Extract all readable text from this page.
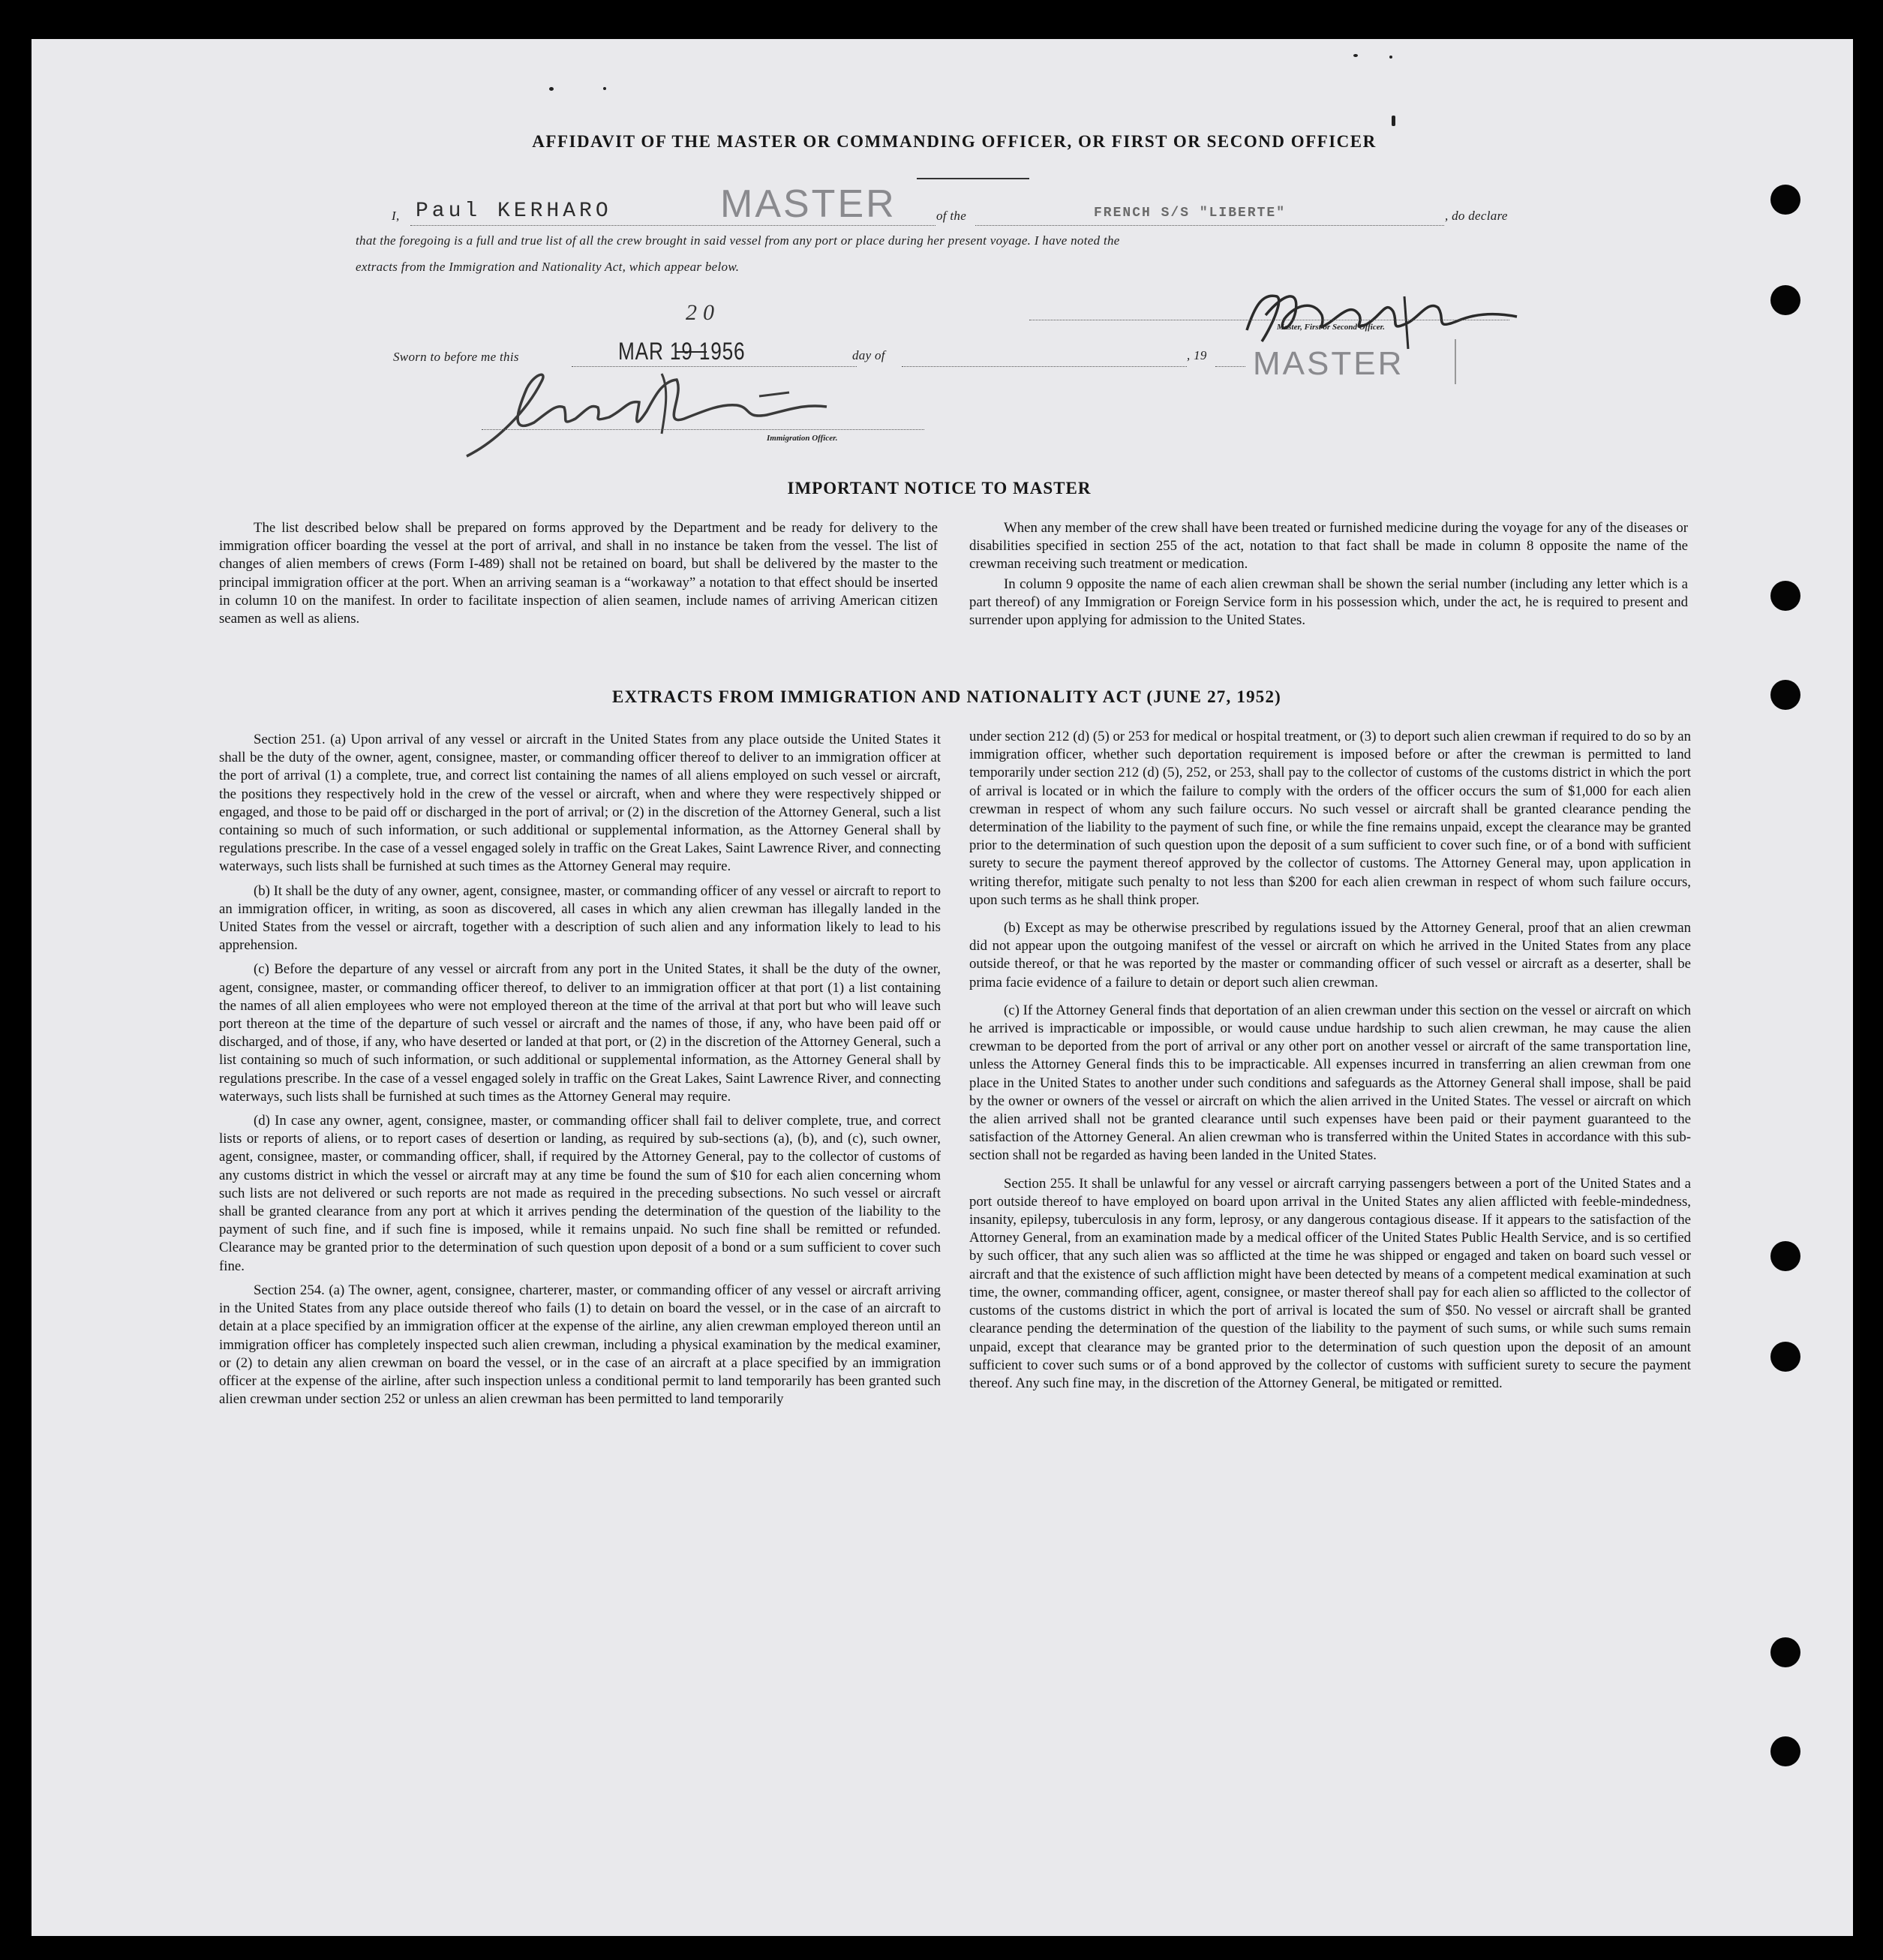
AFFIDAVIT OF THE MASTER OR COMMANDING OFFICER, OR FIRST OR SECOND OFFICER
I, Paul KERHARO	MASTER	of the	FRENCH S/S "LIBERTE"	, do declare
that the foregoing is a full and true list of all the crew brought in said vessel from any port or place during her present voyage. I have noted the
extracts from the Immigration and Nationality Act, which appear below.
Master, First or Second Officer.
MASTER
Sworn to before me this	MAR 19 1956
20
day of	, 19
Immigration Officer.
IMPORTANT NOTICE TO MASTER

The list described below shall be prepared on forms approved by the Department and be ready for delivery to the immigration officer boarding the vessel at the port of arrival, and shall in no instance be taken from the vessel. The list of changes of alien members of crews (Form I-489) shall not be retained on board, but shall be delivered by the master to the principal immigration officer at the port. When an arriving seaman is a “workaway” a notation to that effect should be inserted in column 10 on the manifest. In order to facilitate inspection of alien seamen, include names of arriving American citizen seamen as well as aliens.

When any member of the crew shall have been treated or furnished medicine during the voyage for any of the diseases or disabilities specified in section 255 of the act, notation to that fact shall be made in column 8 opposite the name of the crewman receiving such treatment or medication.

In column 9 opposite the name of each alien crewman shall be shown the serial number (including any letter which is a part thereof) of any Immigration or Foreign Service form in his possession which, under the act, he is required to present and surrender upon applying for admission to the United States.

EXTRACTS FROM IMMIGRATION AND NATIONALITY ACT (JUNE 27, 1952)

Section 251. (a) Upon arrival of any vessel or aircraft in the United States from any place outside the United States it shall be the duty of the owner, agent, consignee, master, or commanding officer thereof to deliver to an immigration officer at the port of arrival (1) a complete, true, and correct list containing the names of all aliens employed on such vessel or aircraft, the positions they respectively hold in the crew of the vessel or aircraft, when and where they were respectively shipped or engaged, and those to be paid off or discharged in the port of arrival; or (2) in the discretion of the Attorney General, such a list containing so much of such information, or such additional or supplemental information, as the Attorney General shall by regulations prescribe. In the case of a vessel engaged solely in traffic on the Great Lakes, Saint Lawrence River, and connecting waterways, such lists shall be furnished at such times as the Attorney General may require.

(b) It shall be the duty of any owner, agent, consignee, master, or commanding officer of any vessel or aircraft to report to an immigration officer, in writing, as soon as discovered, all cases in which any alien crewman has illegally landed in the United States from the vessel or aircraft, together with a description of such alien and any information likely to lead to his apprehension.

(c) Before the departure of any vessel or aircraft from any port in the United States, it shall be the duty of the owner, agent, consignee, master, or commanding officer thereof, to deliver to an immigration officer at that port (1) a list containing the names of all alien employees who were not employed thereon at the time of the arrival at that port but who will leave such port thereon at the time of the departure of such vessel or aircraft and the names of those, if any, who have been paid off or discharged, and of those, if any, who have deserted or landed at that port, or (2) in the discretion of the Attorney General, such a list containing so much of such information, or such additional or supplemental information, as the Attorney General shall by regulations prescribe. In the case of a vessel engaged solely in traffic on the Great Lakes, Saint Lawrence River, and connecting waterways, such lists shall be furnished at such times as the Attorney General may require.

(d) In case any owner, agent, consignee, master, or commanding officer shall fail to deliver complete, true, and correct lists or reports of aliens, or to report cases of desertion or landing, as required by sub-sections (a), (b), and (c), such owner, agent, consignee, master, or commanding officer, shall, if required by the Attorney General, pay to the collector of customs of any customs district in which the vessel or aircraft may at any time be found the sum of $10 for each alien concerning whom such lists are not delivered or such reports are not made as required in the preceding subsections. No such vessel or aircraft shall be granted clearance from any port at which it arrives pending the determination of the question of the liability to the payment of such fine, and if such fine is imposed, while it remains unpaid. No such fine shall be remitted or refunded. Clearance may be granted prior to the determination of such question upon deposit of a bond or a sum sufficient to cover such fine.

Section 254. (a) The owner, agent, consignee, charterer, master, or commanding officer of any vessel or aircraft arriving in the United States from any place outside thereof who fails (1) to detain on board the vessel, or in the case of an aircraft to detain at a place specified by an immigration officer at the expense of the airline, any alien crewman employed thereon until an immigration officer has completely inspected such alien crewman, including a physical examination by the medical examiner, or (2) to detain any alien crewman on board the vessel, or in the case of an aircraft at a place specified by an immigration officer at the expense of the airline, after such inspection unless a conditional permit to land temporarily has been granted such alien crewman under section 252 or unless an alien crewman has been permitted to land temporarily

under section 212 (d) (5) or 253 for medical or hospital treatment, or (3) to deport such alien crewman if required to do so by an immigration officer, whether such deportation requirement is imposed before or after the crewman is permitted to land temporarily under section 212 (d) (5), 252, or 253, shall pay to the collector of customs of the customs district in which the port of arrival is located or in which the failure to comply with the orders of the officer occurs the sum of $1,000 for each alien crewman in respect of whom any such failure occurs. No such vessel or aircraft shall be granted clearance pending the determination of the liability to the payment of such fine, or while the fine remains unpaid, except the clearance may be granted prior to the determination of such question upon the deposit of a sum sufficient to cover such fine, or of a bond with sufficient surety to secure the payment thereof approved by the collector of customs. The Attorney General may, upon application in writing therefor, mitigate such penalty to not less than $200 for each alien crewman in respect of whom such failure occurs, upon such terms as he shall think proper.

(b) Except as may be otherwise prescribed by regulations issued by the Attorney General, proof that an alien crewman did not appear upon the outgoing manifest of the vessel or aircraft on which he arrived in the United States from any place outside thereof, or that he was reported by the master or commanding officer of such vessel or aircraft as a deserter, shall be prima facie evidence of a failure to detain or deport such alien crewman.

(c) If the Attorney General finds that deportation of an alien crewman under this section on the vessel or aircraft on which he arrived is impracticable or impossible, or would cause undue hardship to such alien crewman, he may cause the alien crewman to be deported from the port of arrival or any other port on another vessel or aircraft of the same transportation line, unless the Attorney General finds this to be impracticable. All expenses incurred in transferring an alien crewman from one place in the United States to another under such conditions and safeguards as the Attorney General shall impose, shall be paid by the owner or owners of the vessel or aircraft on which the alien arrived in the United States. The vessel or aircraft on which the alien arrived shall not be granted clearance until such expenses have been paid or their payment guaranteed to the satisfaction of the Attorney General. An alien crewman who is transferred within the United States in accordance with this sub-section shall not be regarded as having been landed in the United States.

Section 255. It shall be unlawful for any vessel or aircraft carrying passengers between a port of the United States and a port outside thereof to have employed on board upon arrival in the United States any alien afflicted with feeble-mindedness, insanity, epilepsy, tuberculosis in any form, leprosy, or any dangerous contagious disease. If it appears to the satisfaction of the Attorney General, from an examination made by a medical officer of the United States Public Health Service, and is so certified by such officer, that any such alien was so afflicted at the time he was shipped or engaged and taken on board such vessel or aircraft and that the existence of such affliction might have been detected by means of a competent medical examination at such time, the owner, commanding officer, agent, consignee, or master thereof shall pay for each alien so afflicted to the collector of customs of the customs district in which the port of arrival is located the sum of $50. No vessel or aircraft shall be granted clearance pending the determination of the question of the liability to the payment of such sums, or while such sums remain unpaid, except that clearance may be granted prior to the determination of such question upon the deposit of an amount sufficient to cover such sums or of a bond approved by the collector of customs with sufficient surety to secure the payment thereof. Any such fine may, in the discretion of the Attorney General, be mitigated or remitted.
